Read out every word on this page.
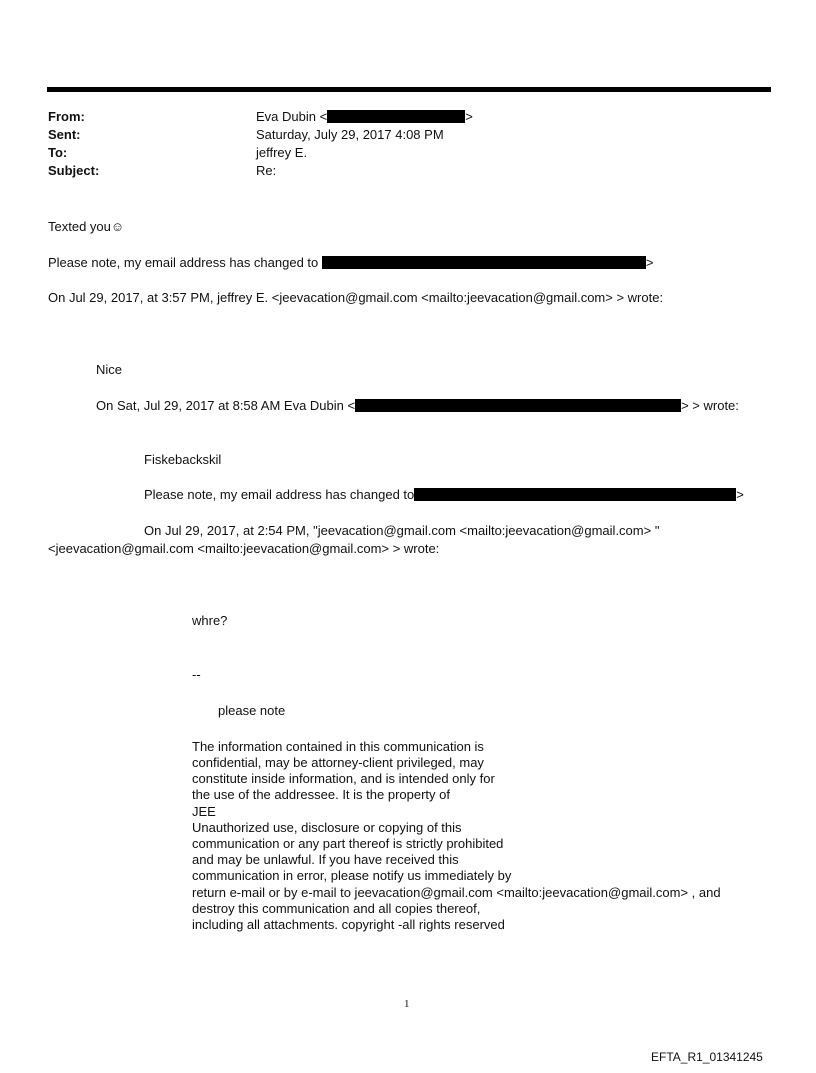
From:	Eva Dubin <	>
Sent:	Saturday, July 29, 2017 4:08 PM
To:	jeffrey E.
Subject:	Re:
Texted you☺
Please note, my email address has changed to	>
On Jul 29, 2017, at 3:57 PM, jeffrey E. <jeevacation@gmail.com <mailto:jeevacation@gmail.com> > wrote:
Nice
On Sat, Jul 29, 2017 at 8:58 AM Eva Dubin <	> > wrote:
Fiskebackskil
Please note, my email address has changed to	>
On Jul 29, 2017, at 2:54 PM, "jeevacation@gmail.com <mailto:jeevacation@gmail.com> "
<jeevacation@gmail.com <mailto:jeevacation@gmail.com> > wrote:
whre?
--
please note
The information contained in this communication is
confidential, may be attorney-client privileged, may
constitute inside information, and is intended only for
the use of the addressee. It is the property of
JEE
Unauthorized use, disclosure or copying of this
communication or any part thereof is strictly prohibited
and may be unlawful. If you have received this
communication in error, please notify us immediately by
return e-mail or by e-mail to jeevacation@gmail.com <mailto:jeevacation@gmail.com> , and
destroy this communication and all copies thereof,
including all attachments. copyright -all rights reserved
1
EFTA_R1_01341245
